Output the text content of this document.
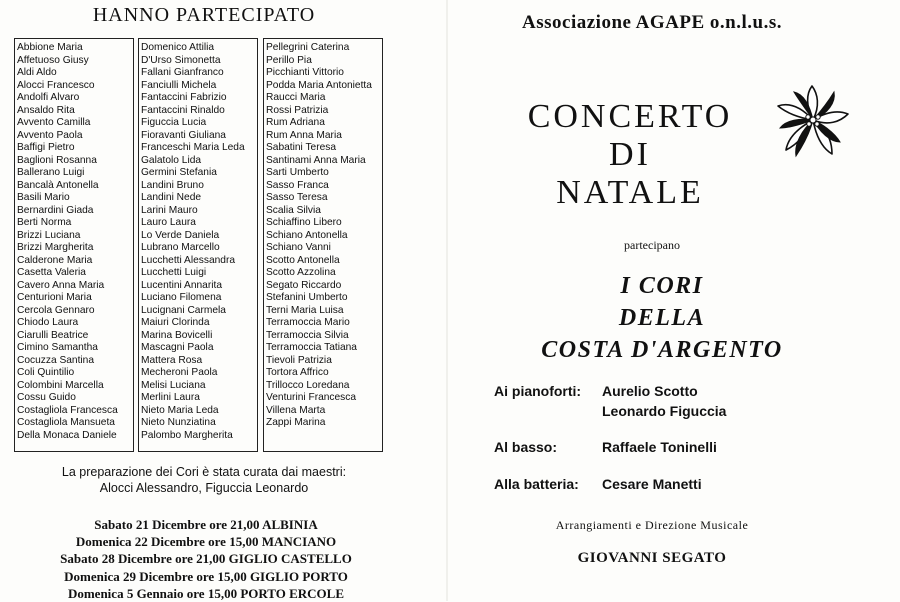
HANNO PARTECIPATO
Abbione Maria
Affetuoso Giusy
Aldi Aldo
Alocci Francesco
Andolfi Alvaro
Ansaldo Rita
Avvento Camilla
Avvento Paola
Baffigi Pietro
Baglioni Rosanna
Ballerano Luigi
Bancalà Antonella
Basili Mario
Bernardini Giada
Berti Norma
Brizzi Luciana
Brizzi Margherita
Calderone Maria
Casetta Valeria
Cavero Anna Maria
Centurioni Maria
Cercola Gennaro
Chiodo Laura
Ciarulli Beatrice
Cimino Samantha
Cocuzza Santina
Coli Quintilio
Colombini Marcella
Cossu Guido
Costagliola Francesca
Costagliola Mansueta
Della Monaca Daniele
Domenico Attilia
D'Urso Simonetta
Fallani Gianfranco
Fanciulli Michela
Fantaccini Fabrizio
Fantaccini Rinaldo
Figuccia Lucia
Fioravanti Giuliana
Franceschi Maria Leda
Galatolo Lida
Germini Stefania
Landini Bruno
Landini Nede
Larini Mauro
Lauro Laura
Lo Verde Daniela
Lubrano Marcello
Lucchetti Alessandra
Lucchetti Luigi
Lucentini Annarita
Luciano Filomena
Lucignani Carmela
Maiuri Clorinda
Marina Bovicelli
Mascagni Paola
Mattera Rosa
Mecheroni Paola
Melisi Luciana
Merlini Laura
Nieto Maria Leda
Nieto Nunziatina
Palombo Margherita
Pellegrini Caterina
Perillo Pia
Picchianti Vittorio
Podda Maria Antonietta
Raucci Maria
Rossi Patrizia
Rum Adriana
Rum Anna Maria
Sabatini Teresa
Santinami Anna Maria
Sarti Umberto
Sasso Franca
Sasso Teresa
Scalia Silvia
Schiaffino Libero
Schiano Antonella
Schiano Vanni
Scotto Antonella
Scotto Azzolina
Segato Riccardo
Stefanini Umberto
Terni Maria Luisa
Terramoccia Mario
Terramoccia Silvia
Terramoccia Tatiana
Tievoli Patrizia
Tortora Affrico
Trillocco Loredana
Venturini Francesca
Villena Marta
Zappi Marina
La preparazione dei Cori è stata curata dai maestri:
Alocci Alessandro, Figuccia Leonardo
Sabato 21 Dicembre ore 21,00 ALBINIA
Domenica 22 Dicembre ore 15,00 MANCIANO
Sabato 28 Dicembre ore 21,00 GIGLIO CASTELLO
Domenica 29 Dicembre ore 15,00 GIGLIO PORTO
Domenica 5 Gennaio ore 15,00 PORTO ERCOLE
Associazione AGAPE o.n.l.u.s.
CONCERTO
DI
NATALE
partecipano
I CORI
DELLA
COSTA D'ARGENTO
Ai pianoforti: Aurelio Scotto
Leonardo Figuccia
Al basso:	Raffaele Toninelli
Alla batteria: Cesare Manetti
Arrangiamenti e Direzione Musicale
GIOVANNI SEGATO
